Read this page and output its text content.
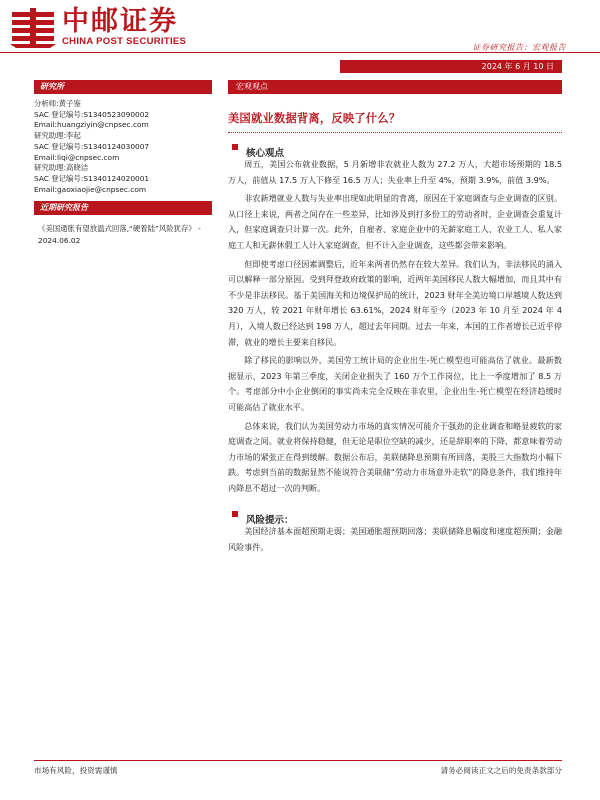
中邮证券
CHINA POST SECURITIES
证券研究报告：宏观报告
2024 年 6 月 10 日
研究所
分析师:黄子鉴
SAC 登记编号:S1340523090002
Email:huangziyin@cnpsec.com
研究助理:李起
SAC 登记编号:S1340124030007
Email:liqi@cnpsec.com
研究助理:高晓洁
SAC 登记编号:S1340124020001
Email:gaoxiaojie@cnpsec.com
近期研究报告
《美国通胀有望放温式回落,“硬着陆”风险犹存》 - 2024.06.02
宏观观点
美国就业数据背离，反映了什么？
核心观点

周五，美国公布就业数据，5 月新增非农就业人数为 27.2 万人，大超市场预期的 18.5 万人，前值从 17.5 万人下修至 16.5 万人；失业率上升至 4%，预期 3.9%，前值 3.9%。

非农新增就业人数与失业率出现如此明显的背离，原因在于家庭调查与企业调查的区别。从口径上来说，两者之间存在一些差异，比如涉及到打多份工的劳动者时，企业调查会重复计入，但家庭调查只计算一次。此外，自雇者、家庭企业中的无薪家庭工人、农业工人、私人家庭工人和无薪休假工人计入家庭调查，但不计入企业调查，这些都会带来影响。

但即使考虑口径因素调整后，近年来两者仍然存在较大差异。我们认为，非法移民的涌入可以解释一部分原因。受到拜登政府政策的影响，近两年美国移民人数大幅增加，而且其中有不少是非法移民。基于美国海关和边境保护局的统计，2023 财年全美边境口岸越境人数达到 320 万人，较 2021 年财年增长 63.61%，2024 财年至今（2023 年 10 月至 2024 年 4 月），入境人数已经达到 198 万人，超过去年同期。过去一年来，本国的工作者增长已近乎停滞，就业的增长主要来自移民。

除了移民的影响以外，美国劳工统计局的企业出生-死亡模型也可能高估了就业。最新数据显示，2023 年第三季度，关闭企业损失了 160 万个工作岗位，比上一季度增加了 8.5 万个。考虑部分中小企业倒闭的事实尚未完全反映在非农里，企业出生-死亡模型在经济趋缓时可能高估了就业水平。

总体来说，我们认为美国劳动力市场的真实情况可能介于强劲的企业调查和略显疲软的家庭调查之间。就业将保持稳健，但无论是职位空缺的减少，还是辞职率的下降，都意味着劳动力市场的紧张正在得到缓解。数据公布后，美联储降息预期有所回落，美股三大指数均小幅下跌。考虑到当前的数据显然不能说符合美联储“劳动力市场意外走软”的降息条件，我们维持年内降息不超过一次的判断。

风险提示：

美国经济基本面超预期走弱；美国通胀超预期回落；美联储降息幅度和速度超预期；金融风险事件。

市场有风险，投资需谨慎	请务必阅读正文之后的免责条款部分
